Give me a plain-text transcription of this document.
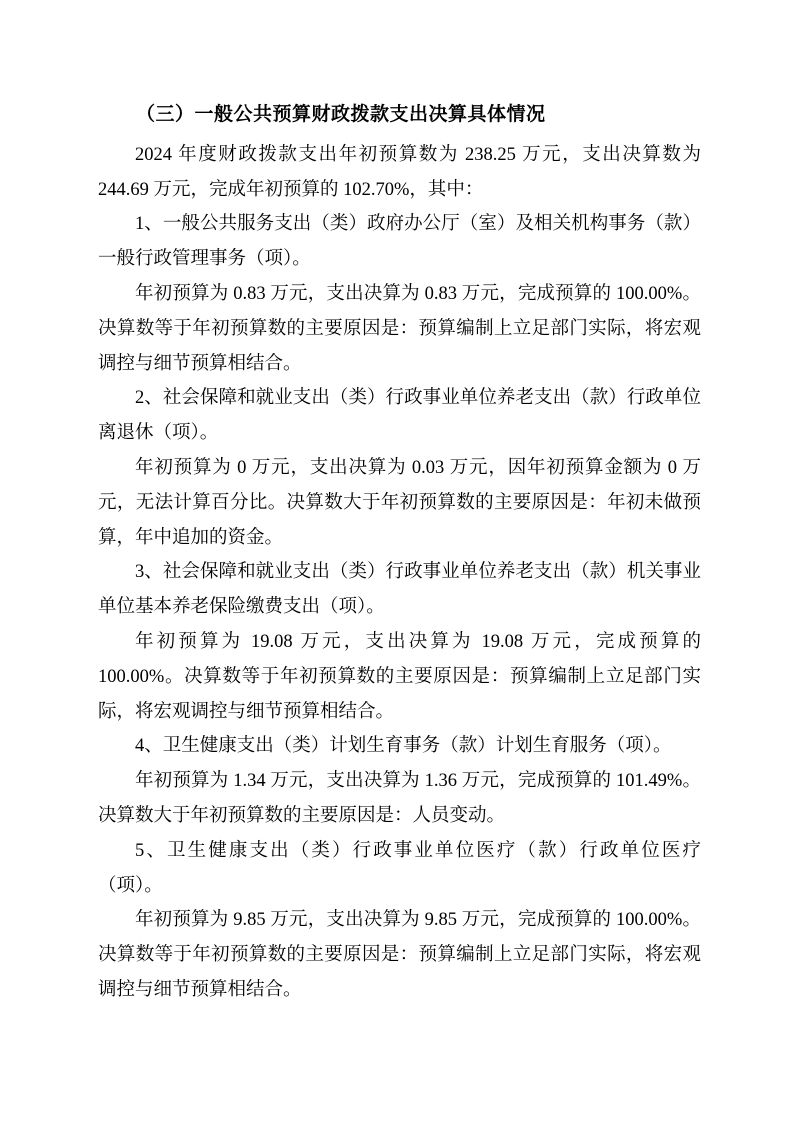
（三）一般公共预算财政拨款支出决算具体情况

2024 年度财政拨款支出年初预算数为 238.25 万元，支出决算数为 244.69 万元，完成年初预算的 102.70%，其中：

1、一般公共服务支出（类）政府办公厅（室）及相关机构事务（款）一般行政管理事务（项）。

年初预算为 0.83 万元，支出决算为 0.83 万元，完成预算的 100.00%。决算数等于年初预算数的主要原因是：预算编制上立足部门实际，将宏观调控与细节预算相结合。

2、社会保障和就业支出（类）行政事业单位养老支出（款）行政单位离退休（项）。

年初预算为 0 万元，支出决算为 0.03 万元，因年初预算金额为 0 万元，无法计算百分比。决算数大于年初预算数的主要原因是：年初未做预算，年中追加的资金。

3、社会保障和就业支出（类）行政事业单位养老支出（款）机关事业单位基本养老保险缴费支出（项）。

年初预算为 19.08 万元，支出决算为 19.08 万元，完成预算的 100.00%。决算数等于年初预算数的主要原因是：预算编制上立足部门实际，将宏观调控与细节预算相结合。

4、卫生健康支出（类）计划生育事务（款）计划生育服务（项）。

年初预算为 1.34 万元，支出决算为 1.36 万元，完成预算的 101.49%。决算数大于年初预算数的主要原因是：人员变动。

5、卫生健康支出（类）行政事业单位医疗（款）行政单位医疗（项）。

年初预算为 9.85 万元，支出决算为 9.85 万元，完成预算的 100.00%。决算数等于年初预算数的主要原因是：预算编制上立足部门实际，将宏观调控与细节预算相结合。
